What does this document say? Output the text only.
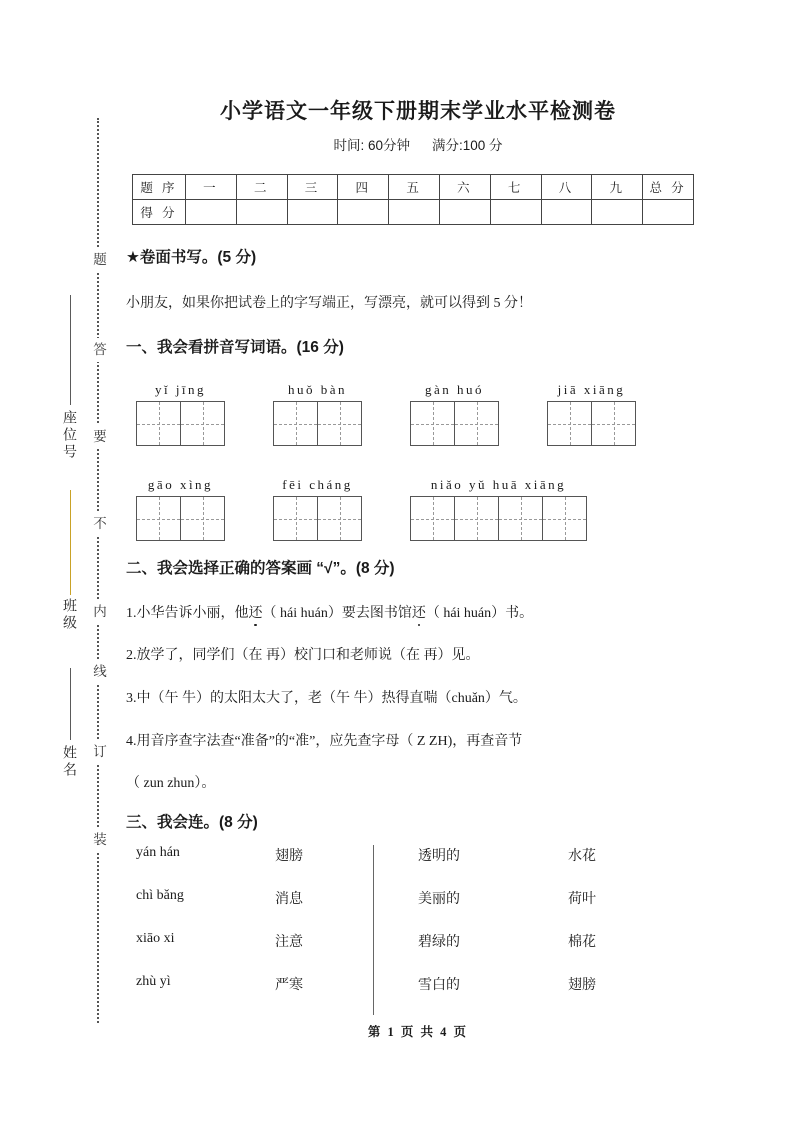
题
答
要
不
内
线
订
装
座位号
班级
姓名
小学语文一年级下册期末学业水平检测卷
时间: 60分钟 满分:100 分
题 序	一	二	三	四	五	六	七	八	九	总 分
得 分										
★卷面书写。(5 分)
小朋友，如果你把试卷上的字写端正，写漂亮，就可以得到 5 分！
一、我会看拼音写词语。(16 分)
yǐ jīng	huǒ bàn	gàn huó	jiā xiāng
gāo xìng	fēi cháng	niǎo yǔ huā xiāng
二、我会选择正确的答案画 “√”。(8 分)
1.小华告诉小丽，他还（ hái huán）要去图书馆还（ hái huán）书。
2.放学了，同学们（在 再）校门口和老师说（在 再）见。
3.中（午 牛）的太阳太大了，老（午 牛）热得直喘（chuǎn）气。
4.用音序查字法查“准备”的“准”，应先查字母（ Z ZH)，再查音节
（ zun zhun）。
三、我会连。(8 分)
yán hán
chì bǎng
xiāo xi
zhù yì
翅膀
消息
注意
严寒
透明的
美丽的
碧绿的
雪白的
水花
荷叶
棉花
翅膀
第 1 页 共 4 页
